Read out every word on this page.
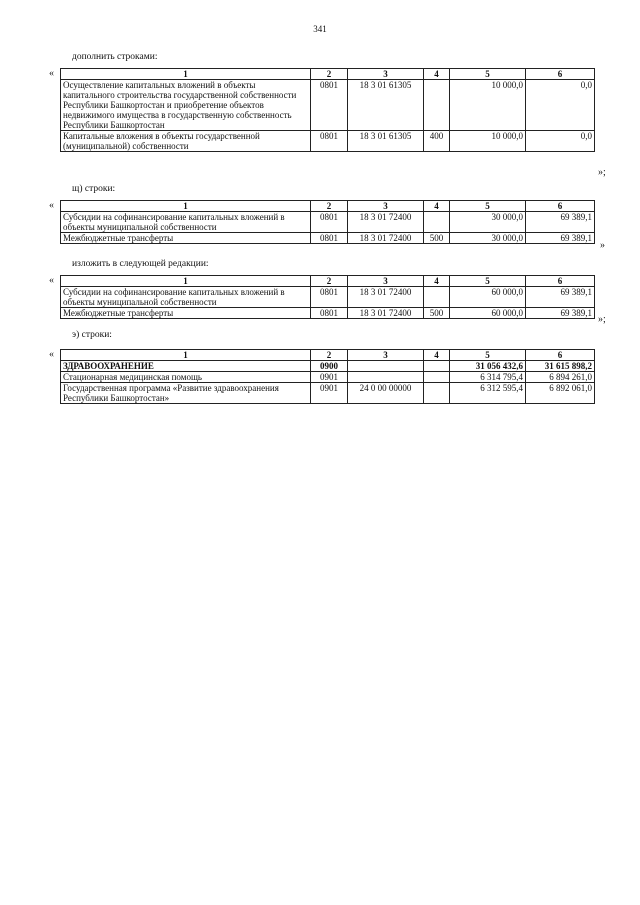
341
дополнить строками:
«	1	2	3	4	5	6
Осуществление капитальных вложений в объекты капитального строительства государственной собственности Республики Башкортостан и приобретение объектов недвижимого имущества в государственную собственность Республики Башкортостан	0801	18 3 01 61305		10 000,0	0,0
Капитальные вложения в объекты государственной (муниципальной) собственности	0801	18 3 01 61305	400	10 000,0	0,0
»;
щ) строки:
«	1	2	3	4	5	6
Субсидии на софинансирование капитальных вложений в объекты муниципальной собственности	0801	18 3 01 72400		30 000,0	69 389,1
Межбюджетные трансферты	0801	18 3 01 72400	500	30 000,0	69 389,1
»
изложить в следующей редакции:
«	1	2	3	4	5	6
Субсидии на софинансирование капитальных вложений в объекты муниципальной собственности	0801	18 3 01 72400		60 000,0	69 389,1
Межбюджетные трансферты	0801	18 3 01 72400	500	60 000,0	69 389,1
»;
э) строки:
«	1	2	3	4	5	6
ЗДРАВООХРАНЕНИЕ	0900			31 056 432,6	31 615 898,2
Стационарная медицинская помощь	0901			6 314 795,4	6 894 261,0
Государственная программа «Развитие здравоохранения Республики Башкортостан»	0901	24 0 00 00000		6 312 595,4	6 892 061,0
